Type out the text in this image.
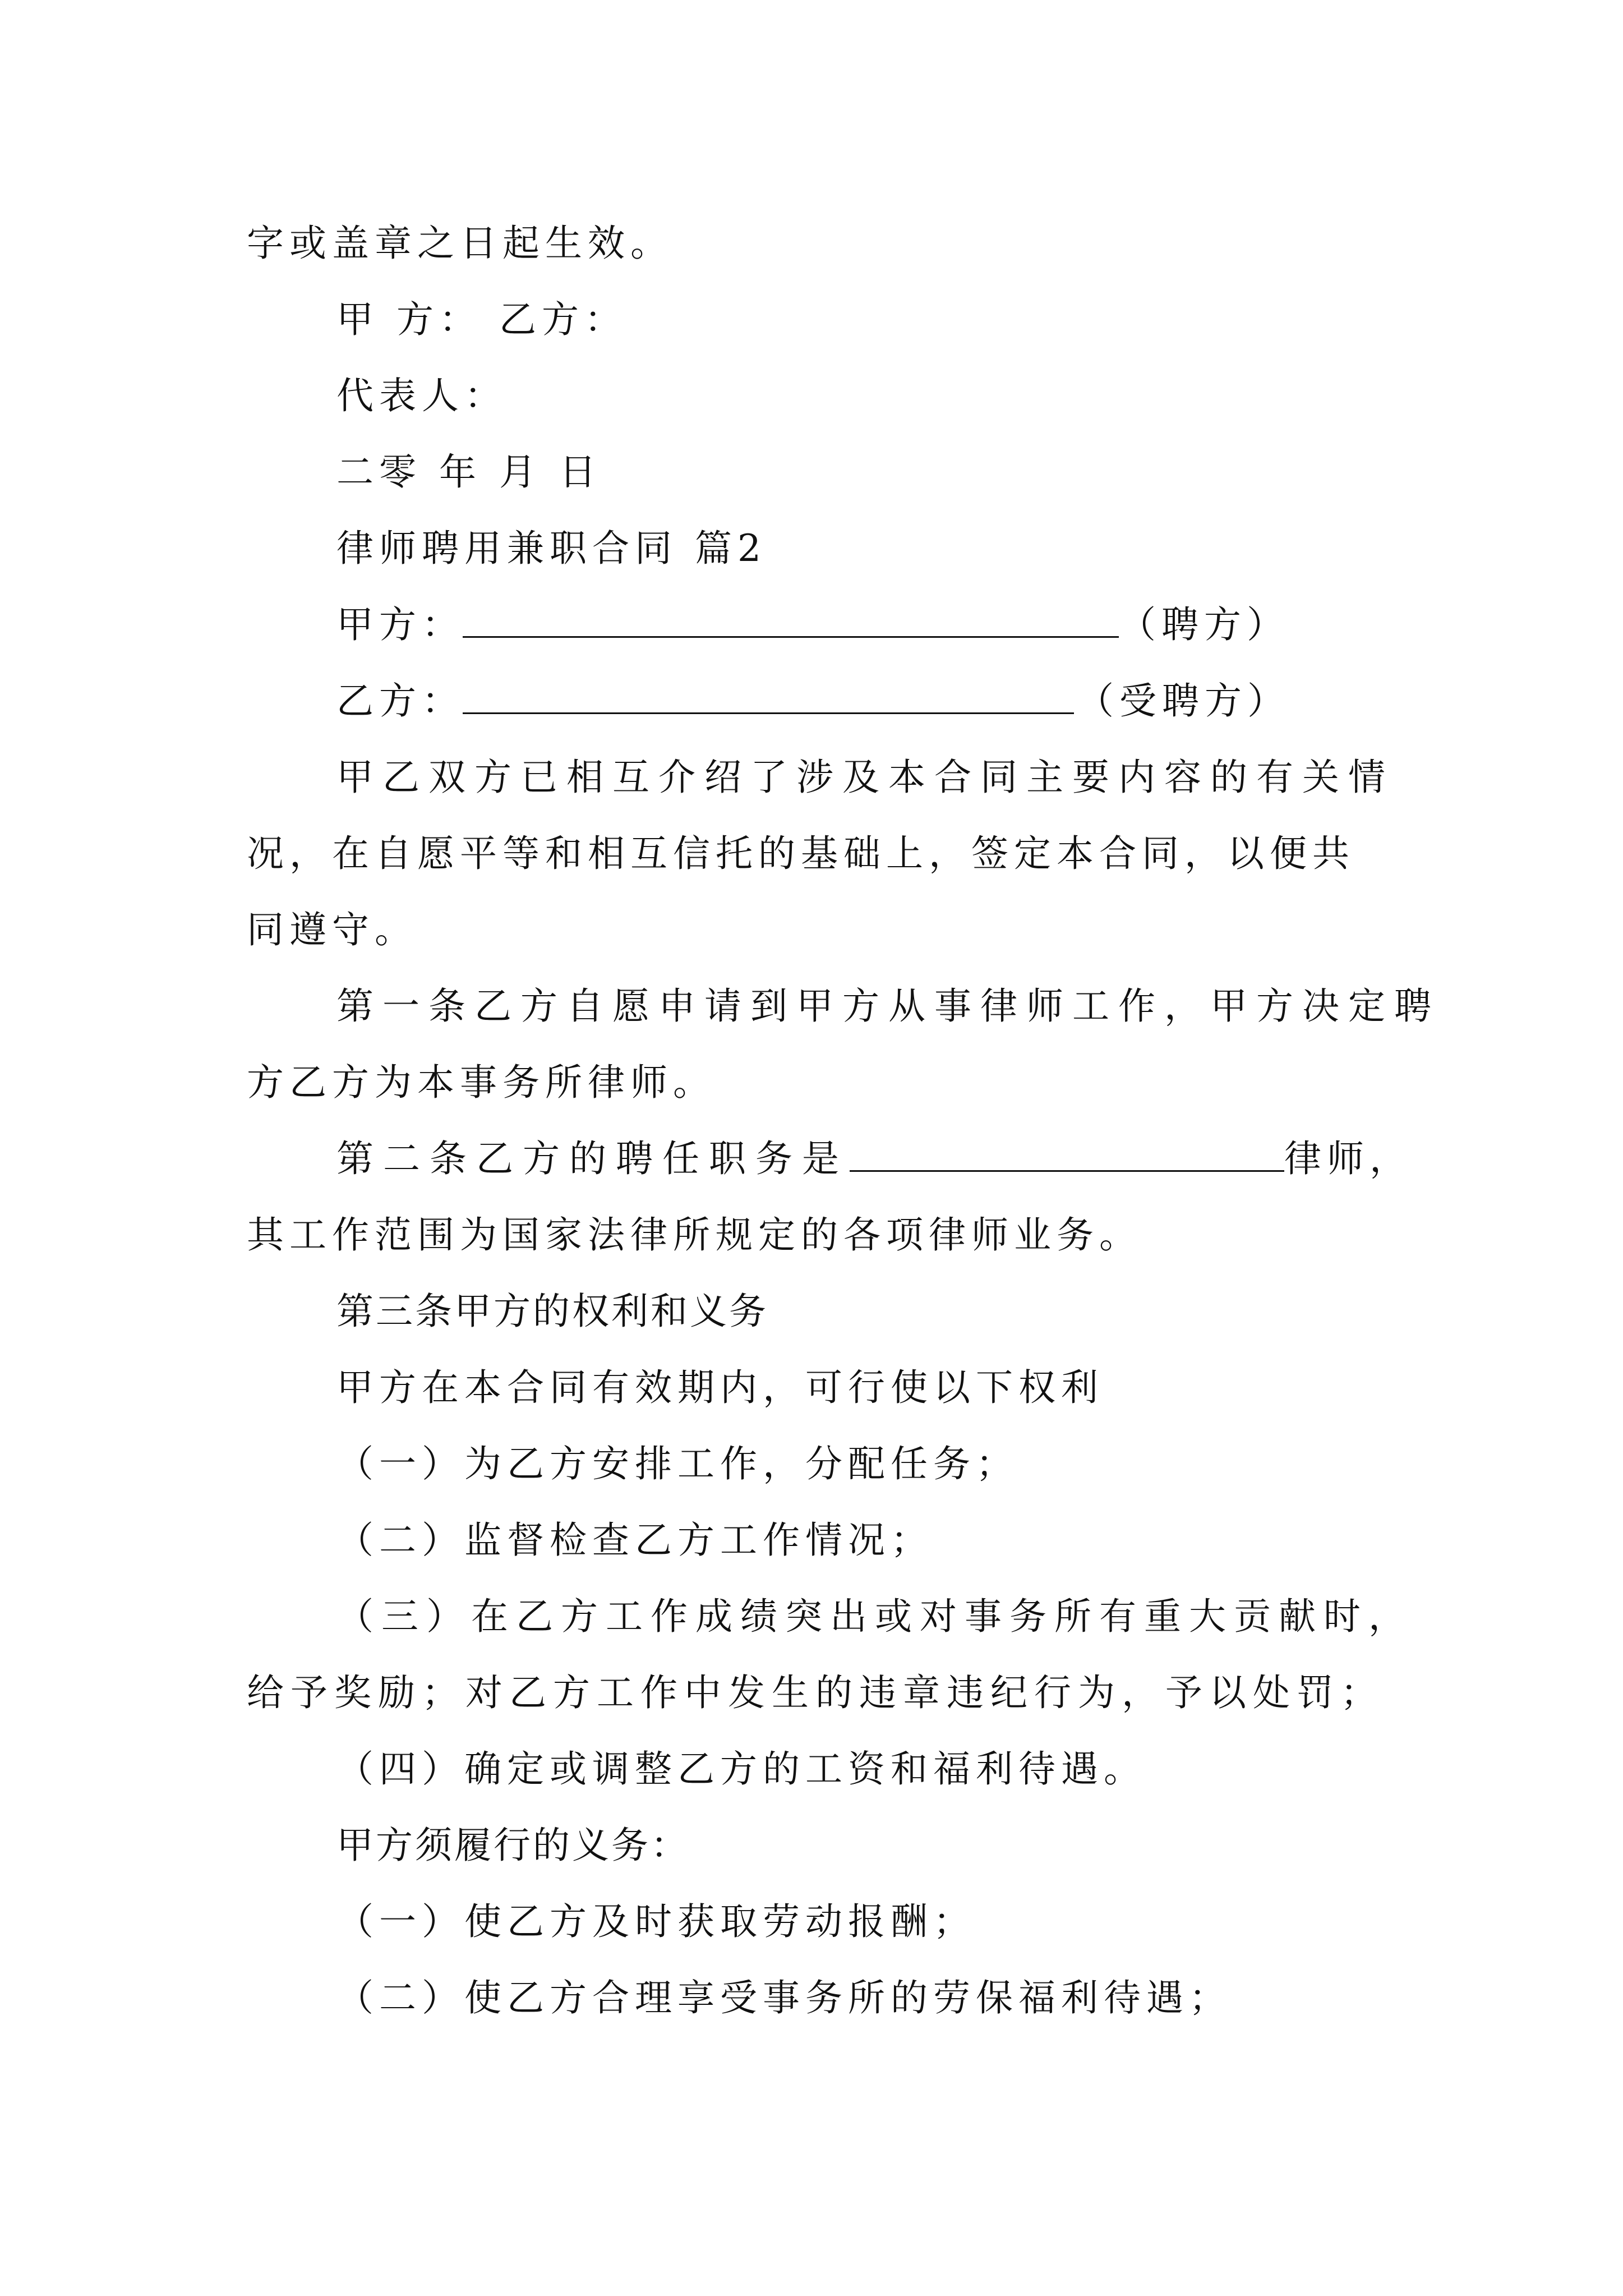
字或盖章之日起生效。
甲 方： 乙方：
代表人：
二零 年 月 日
律师聘用兼职合同 篇2
甲方：	（聘方）
乙方：	（受聘方）
甲乙双方已相互介绍了涉及本合同主要内容的有关情
况，在自愿平等和相互信托的基础上，签定本合同，以便共
同遵守。
第一条乙方自愿申请到甲方从事律师工作，甲方决定聘
方乙方为本事务所律师。
第二条乙方的聘任职务是	律师，
其工作范围为国家法律所规定的各项律师业务。
第三条甲方的权利和义务
甲方在本合同有效期内，可行使以下权利
（一）为乙方安排工作，分配任务；
（二）监督检查乙方工作情况；
（三）在乙方工作成绩突出或对事务所有重大贡献时，
给予奖励；对乙方工作中发生的违章违纪行为，予以处罚；
（四）确定或调整乙方的工资和福利待遇。
甲方须履行的义务：
（一）使乙方及时获取劳动报酬；
（二）使乙方合理享受事务所的劳保福利待遇；
